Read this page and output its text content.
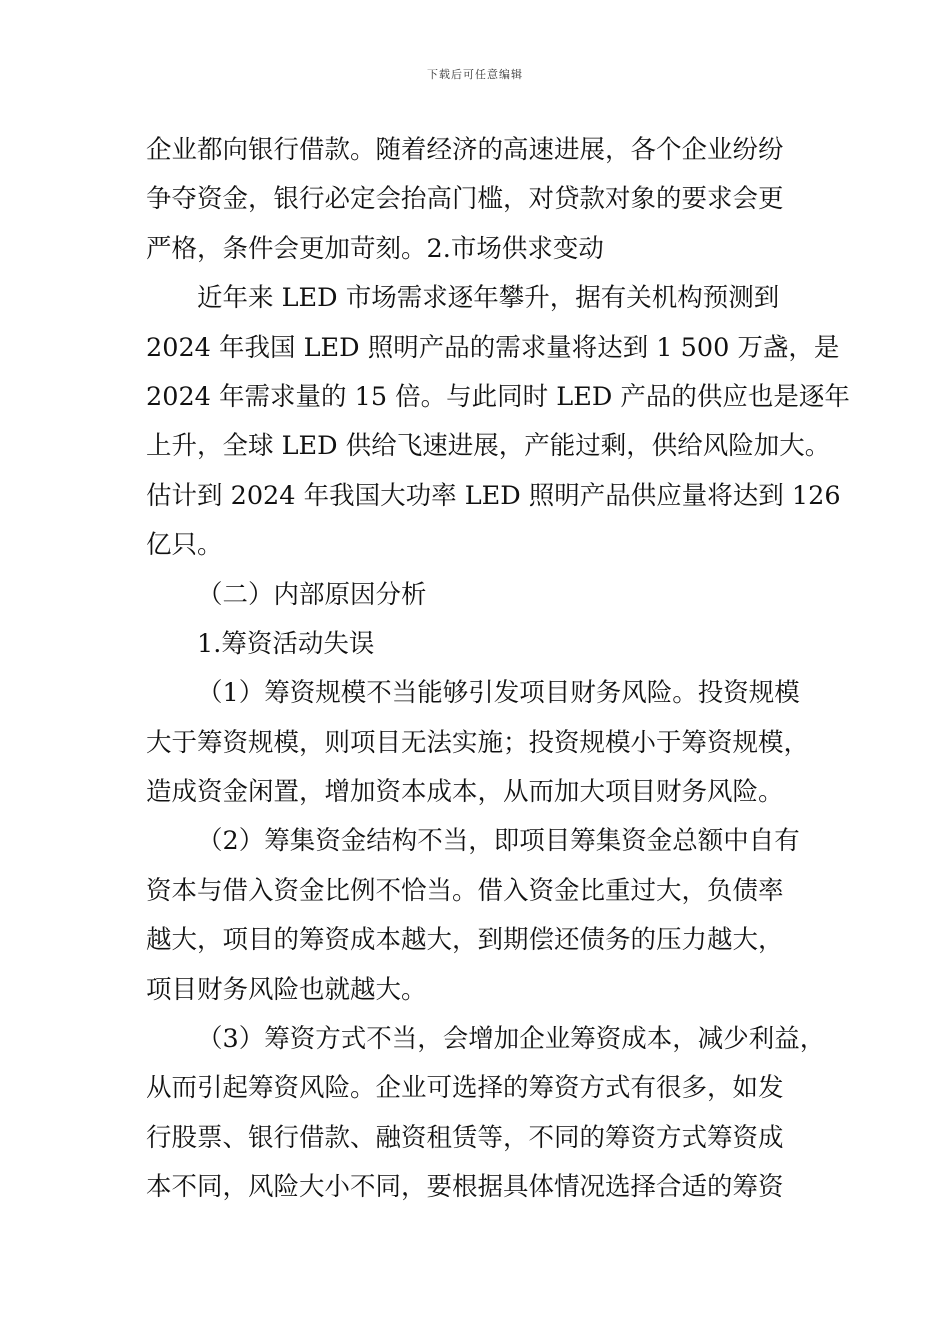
下载后可任意编辑
企业都向银行借款。随着经济的高速进展，各个企业纷纷
争夺资金，银行必定会抬高门槛，对贷款对象的要求会更
严格，条件会更加苛刻。2.市场供求变动
近年来 LED 市场需求逐年攀升，据有关机构预测到
2024 年我国 LED 照明产品的需求量将达到 1 500 万盏，是
2024 年需求量的 15 倍。与此同时 LED 产品的供应也是逐年
上升，全球 LED 供给飞速进展，产能过剩，供给风险加大。
估计到 2024 年我国大功率 LED 照明产品供应量将达到 126
亿只。
（二）内部原因分析
1.筹资活动失误
（1）筹资规模不当能够引发项目财务风险。投资规模
大于筹资规模，则项目无法实施；投资规模小于筹资规模，
造成资金闲置，增加资本成本，从而加大项目财务风险。
（2）筹集资金结构不当，即项目筹集资金总额中自有
资本与借入资金比例不恰当。借入资金比重过大，负债率
越大，项目的筹资成本越大，到期偿还债务的压力越大，
项目财务风险也就越大。
（3）筹资方式不当，会增加企业筹资成本，减少利益，
从而引起筹资风险。企业可选择的筹资方式有很多，如发
行股票、银行借款、融资租赁等，不同的筹资方式筹资成
本不同，风险大小不同，要根据具体情况选择合适的筹资
